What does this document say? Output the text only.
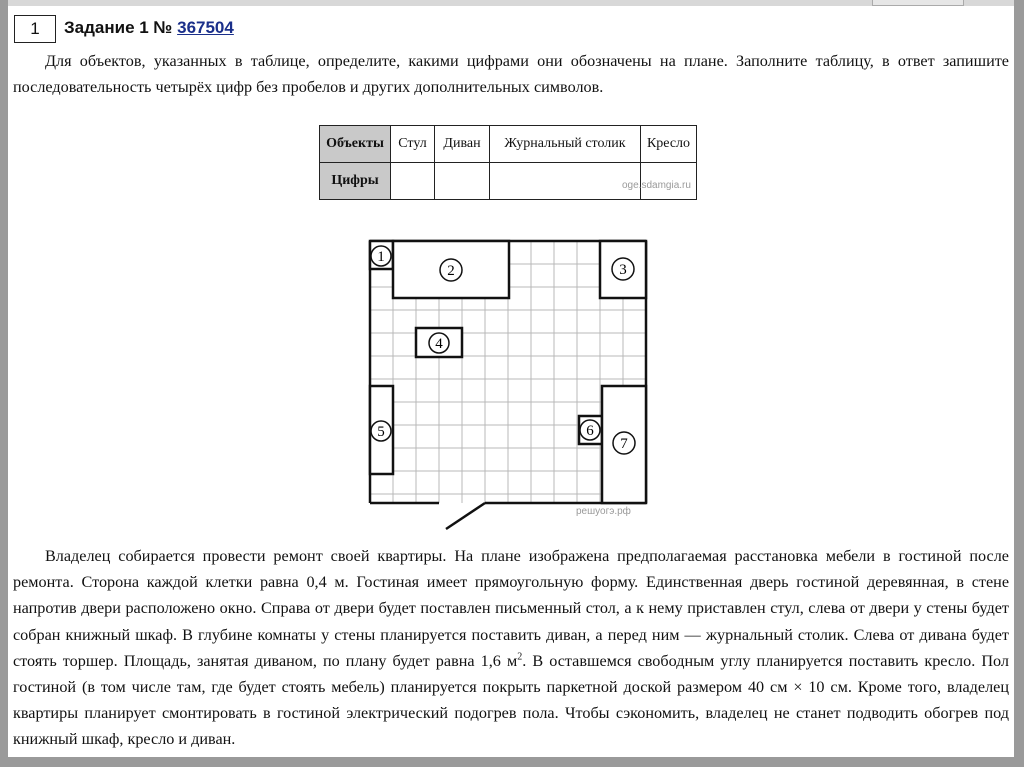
1	Задание 1 № 367504
Для объектов, указанных в таблице, определите, какими цифрами они обозначены на плане. Заполните таблицу, в ответ запишите последовательность четырёх цифр без пробелов и других дополнительных символов.
Объекты	Стул	Диван	Журнальный столик	Кресло
Цифры					oge.sdamgia.ru
1
2	3
4
5	6
7
решуогэ.рф
Владелец собирается провести ремонт своей квартиры. На плане изображена предполагаемая расстановка мебели в гостиной после ремонта. Сторона каждой клетки равна 0,4 м. Гостиная имеет прямоугольную форму. Единственная дверь гостиной деревянная, в стене напротив двери расположено окно. Справа от двери будет поставлен письменный стол, а к нему приставлен стул, слева от двери у стены будет собран книжный шкаф. В глубине комнаты у стены планируется поставить диван, а перед ним — журнальный столик. Слева от дивана будет стоять торшер. Площадь, занятая диваном, по плану будет равна 1,6 $м^2$. В оставшемся свободным углу планируется поставить кресло. Пол гостиной (в том числе там, где будет стоять мебель) планируется покрыть паркетной доской размером 40 см × 10 см. Кроме того, владелец квартиры планирует смонтировать в гостиной электрический подогрев пола. Чтобы сэкономить, владелец не станет подводить обогрев под книжный шкаф, кресло и диван.
